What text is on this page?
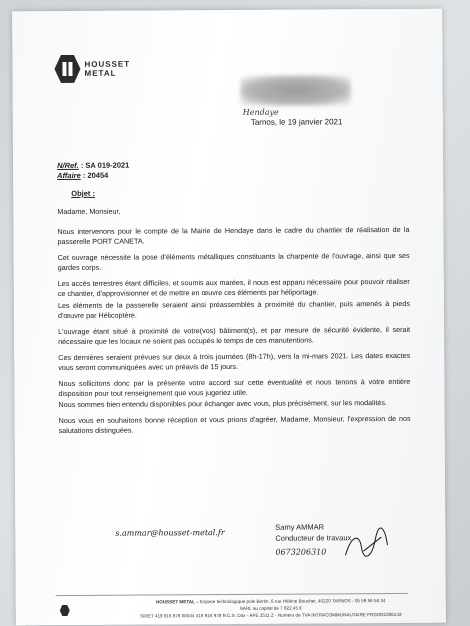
HOUSSET
METAL
Hendaye
Tarnos, le 19 janvier 2021
N/Ref. : SA 019-2021
Affaire : 20454
Objet :

Madame, Monsieur,

Nous intervenons pour le compte de la Mairie de Hendaye dans le cadre du chantier de réalisation de la passerelle PORT CANETA.

Cet ouvrage nécessite la pose d'éléments métalliques constituants la charpente de l'ouvrage, ainsi que ses gardes corps.

Les accès terrestres étant difficiles, et soumis aux marées, il nous est apparu nécessaire pour pouvoir réaliser ce chantier, d'approvisionner et de mettre en œuvre ces éléments par héliportage.

Les éléments de la passerelle seraient ainsi préassemblés à proximité du chantier, puis amenés à pieds d'œuvre par Hélicoptère.

L'ouvrage étant situé à proximité de votre(vos) bâtiment(s), et par mesure de sécurité évidente, il serait nécessaire que les locaux ne soient pas occupés le temps de ces manutentions.

Ces dernières seraient prévues sur deux à trois journées (8h-17h), vers la mi-mars 2021. Les dates exactes vous seront communiquées avec un préavis de 15 jours.

Nous sollicitons donc par la présente votre accord sur cette éventualité et nous tenons à votre entière disposition pour tout renseignement que vous jugeriez utile.

Nous sommes bien entendu disponibles pour échanger avec vous, plus précisément, sur les modalités.

Nous vous en souhaitons bonne réception et vous prions d'agréer, Madame, Monsieur, l'expression de nos salutations distinguées.

s.ammar@housset-metal.fr
Samy AMMAR
Conducteur de travaux
0673206310
HOUSSET METAL – Espace technologique pole Bertin, 6 rue Hélène Boucher, 40220 TARNOS - 05 59 56 56 34
SARL au capital de 7 822,45 €
SIRET 419 916 978 00044 419 916 978 R.C.S. Dax - APE 2511 Z - Numéro de TVA INTRACOMMUNAUTAIRE FR24831306143
